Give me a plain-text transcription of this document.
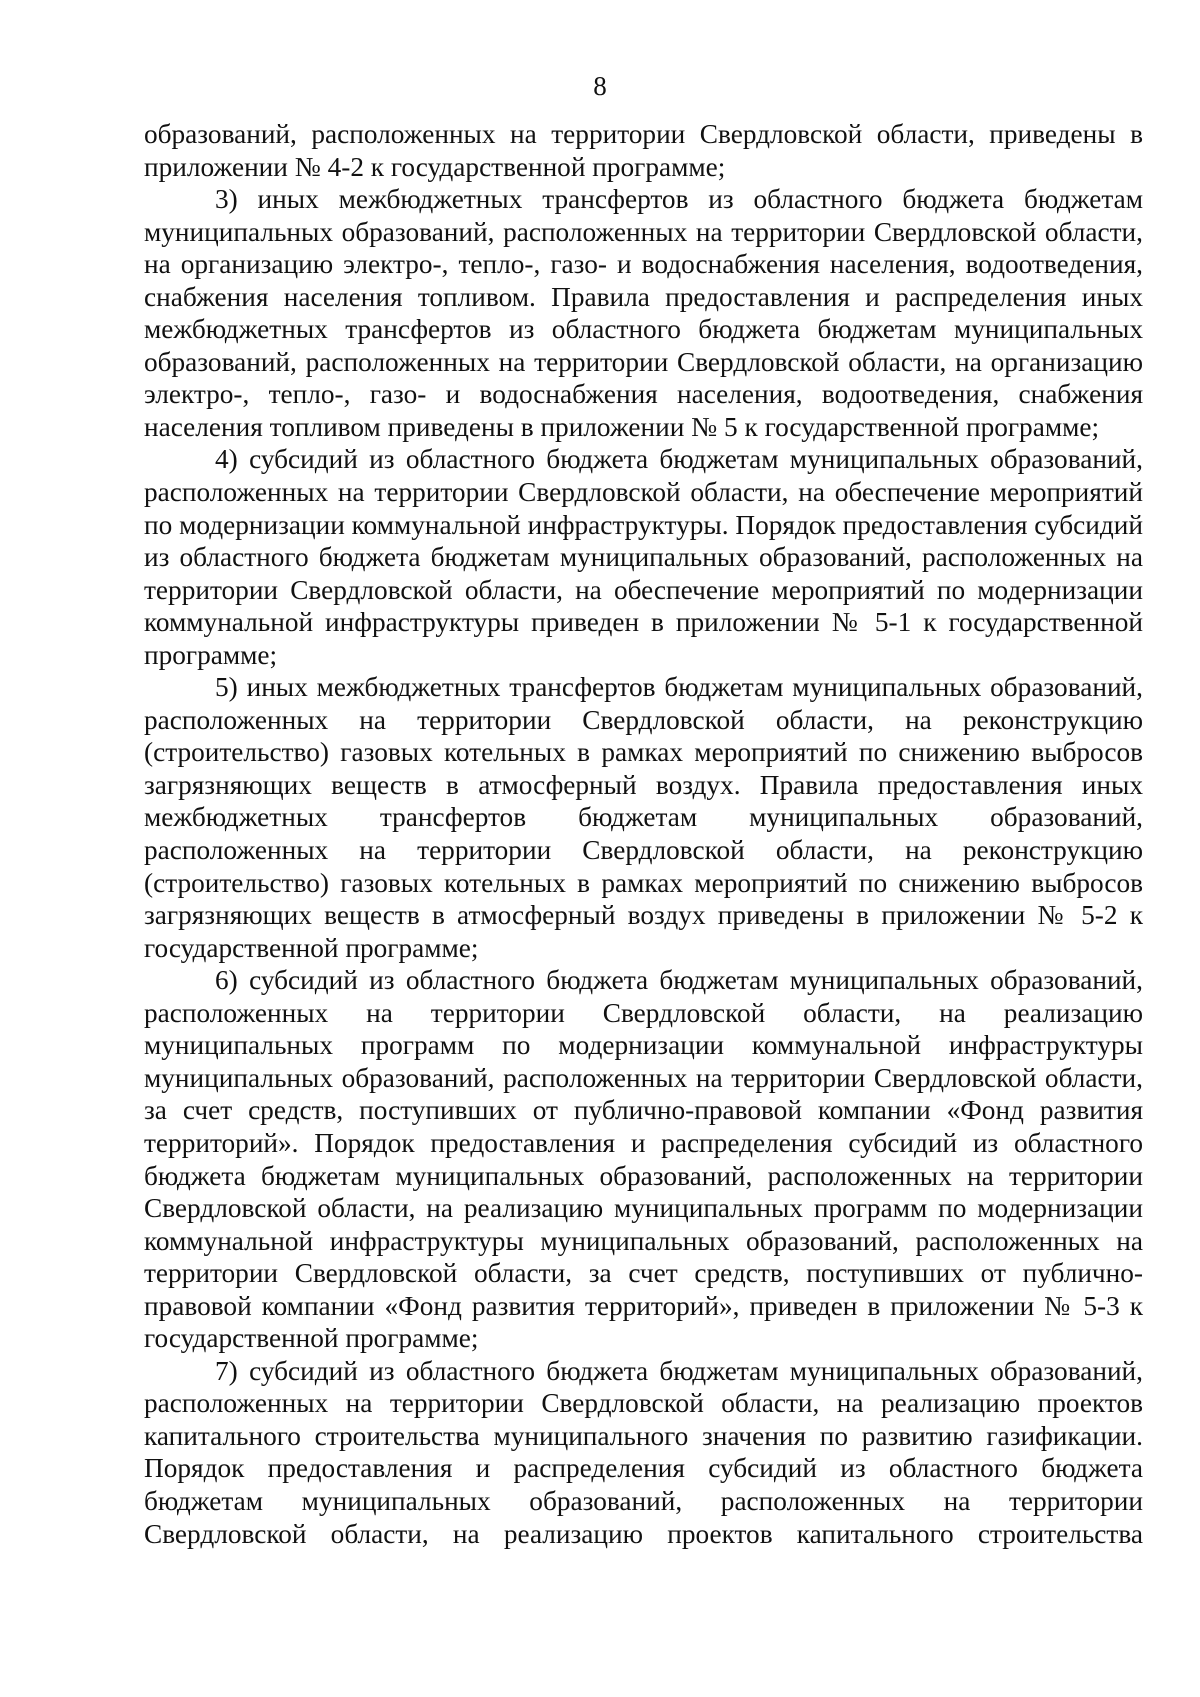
8

образований, расположенных на территории Свердловской области, приведены в приложении № 4-2 к государственной программе;

3) иных межбюджетных трансфертов из областного бюджета бюджетам муниципальных образований, расположенных на территории Свердловской области, на организацию электро-, тепло-, газо- и водоснабжения населения, водоотведения, снабжения населения топливом. Правила предоставления и распределения иных межбюджетных трансфертов из областного бюджета бюджетам муниципальных образований, расположенных на территории Свердловской области, на организацию электро-, тепло-, газо- и водоснабжения населения, водоотведения, снабжения населения топливом приведены в приложении № 5 к государственной программе;

4) субсидий из областного бюджета бюджетам муниципальных образований, расположенных на территории Свердловской области, на обеспечение мероприятий по модернизации коммунальной инфраструктуры. Порядок предоставления субсидий из областного бюджета бюджетам муниципальных образований, расположенных на территории Свердловской области, на обеспечение мероприятий по модернизации коммунальной инфраструктуры приведен в приложении № 5-1 к государственной программе;

5) иных межбюджетных трансфертов бюджетам муниципальных образований, расположенных на территории Свердловской области, на реконструкцию (строительство) газовых котельных в рамках мероприятий по снижению выбросов загрязняющих веществ в атмосферный воздух. Правила предоставления иных межбюджетных трансфертов бюджетам муниципальных образований, расположенных на территории Свердловской области, на реконструкцию (строительство) газовых котельных в рамках мероприятий по снижению выбросов загрязняющих веществ в атмосферный воздух приведены в приложении № 5-2 к государственной программе;

6) субсидий из областного бюджета бюджетам муниципальных образований, расположенных на территории Свердловской области, на реализацию муниципальных программ по модернизации коммунальной инфраструктуры муниципальных образований, расположенных на территории Свердловской области, за счет средств, поступивших от публично-правовой компании «Фонд развития территорий». Порядок предоставления и распределения субсидий из областного бюджета бюджетам муниципальных образований, расположенных на территории Свердловской области, на реализацию муниципальных программ по модернизации коммунальной инфраструктуры муниципальных образований, расположенных на территории Свердловской области, за счет средств, поступивших от публично-правовой компании «Фонд развития территорий», приведен в приложении № 5-3 к государственной программе;

7) субсидий из областного бюджета бюджетам муниципальных образований, расположенных на территории Свердловской области, на реализацию проектов капитального строительства муниципального значения по развитию газификации. Порядок предоставления и распределения субсидий из областного бюджета бюджетам муниципальных образований, расположенных на территории Свердловской области, на реализацию проектов капитального строительства
